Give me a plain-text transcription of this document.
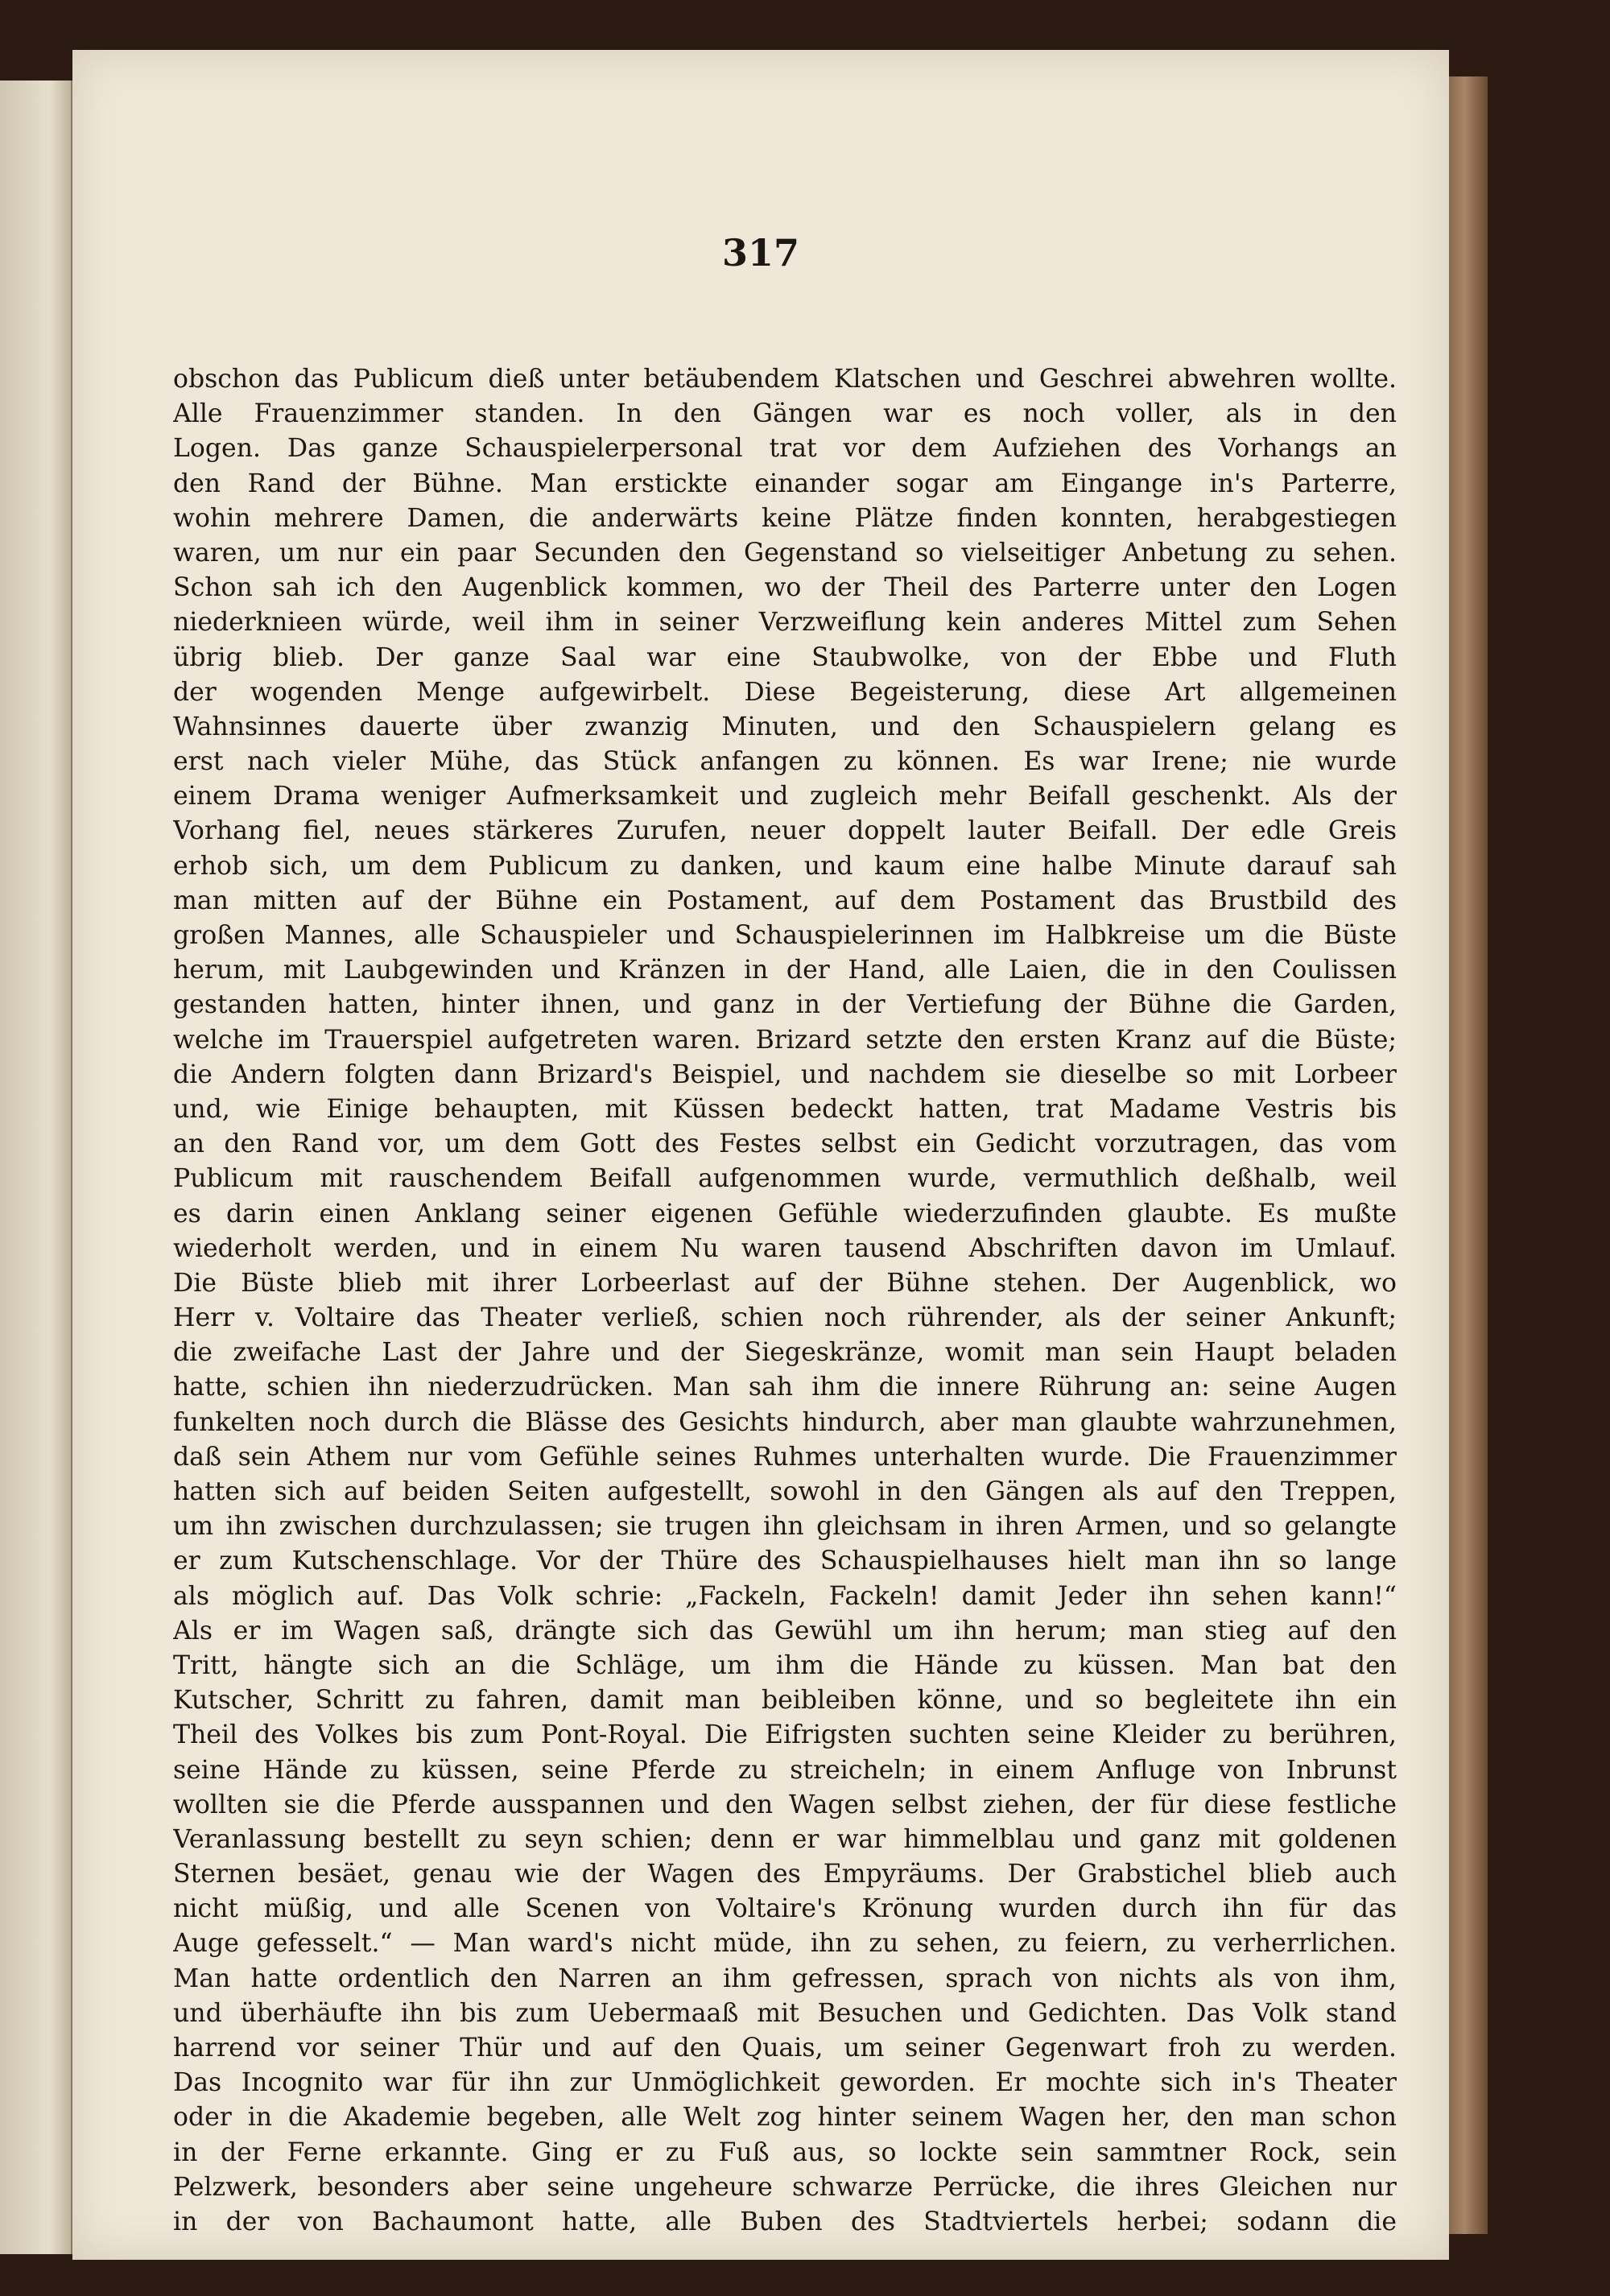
317
obschon das Publicum dieß unter betäubendem Klatschen und Geschrei abwehren wollte.
Alle Frauenzimmer standen. In den Gängen war es noch voller, als in den
Logen. Das ganze Schauspielerpersonal trat vor dem Aufziehen des Vorhangs an
den Rand der Bühne. Man erstickte einander sogar am Eingange in's Parterre,
wohin mehrere Damen, die anderwärts keine Plätze finden konnten, herabgestiegen
waren, um nur ein paar Secunden den Gegenstand so vielseitiger Anbetung zu sehen.
Schon sah ich den Augenblick kommen, wo der Theil des Parterre unter den Logen
niederknieen würde, weil ihm in seiner Verzweiflung kein anderes Mittel zum Sehen
übrig blieb. Der ganze Saal war eine Staubwolke, von der Ebbe und Fluth
der wogenden Menge aufgewirbelt. Diese Begeisterung, diese Art allgemeinen
Wahnsinnes dauerte über zwanzig Minuten, und den Schauspielern gelang es
erst nach vieler Mühe, das Stück anfangen zu können. Es war Irene; nie wurde
einem Drama weniger Aufmerksamkeit und zugleich mehr Beifall geschenkt. Als der
Vorhang fiel, neues stärkeres Zurufen, neuer doppelt lauter Beifall. Der edle Greis
erhob sich, um dem Publicum zu danken, und kaum eine halbe Minute darauf sah
man mitten auf der Bühne ein Postament, auf dem Postament das Brustbild des
großen Mannes, alle Schauspieler und Schauspielerinnen im Halbkreise um die Büste
herum, mit Laubgewinden und Kränzen in der Hand, alle Laien, die in den Coulissen
gestanden hatten, hinter ihnen, und ganz in der Vertiefung der Bühne die Garden,
welche im Trauerspiel aufgetreten waren. Brizard setzte den ersten Kranz auf die Büste;
die Andern folgten dann Brizard's Beispiel, und nachdem sie dieselbe so mit Lorbeer
und, wie Einige behaupten, mit Küssen bedeckt hatten, trat Madame Vestris bis
an den Rand vor, um dem Gott des Festes selbst ein Gedicht vorzutragen, das vom
Publicum mit rauschendem Beifall aufgenommen wurde, vermuthlich deßhalb, weil
es darin einen Anklang seiner eigenen Gefühle wiederzufinden glaubte. Es mußte
wiederholt werden, und in einem Nu waren tausend Abschriften davon im Umlauf.
Die Büste blieb mit ihrer Lorbeerlast auf der Bühne stehen. Der Augenblick, wo
Herr v. Voltaire das Theater verließ, schien noch rührender, als der seiner Ankunft;
die zweifache Last der Jahre und der Siegeskränze, womit man sein Haupt beladen
hatte, schien ihn niederzudrücken. Man sah ihm die innere Rührung an: seine Augen
funkelten noch durch die Blässe des Gesichts hindurch, aber man glaubte wahrzunehmen,
daß sein Athem nur vom Gefühle seines Ruhmes unterhalten wurde. Die Frauenzimmer
hatten sich auf beiden Seiten aufgestellt, sowohl in den Gängen als auf den Treppen,
um ihn zwischen durchzulassen; sie trugen ihn gleichsam in ihren Armen, und so gelangte
er zum Kutschenschlage. Vor der Thüre des Schauspielhauses hielt man ihn so lange
als möglich auf. Das Volk schrie: „Fackeln, Fackeln! damit Jeder ihn sehen kann!“
Als er im Wagen saß, drängte sich das Gewühl um ihn herum; man stieg auf den
Tritt, hängte sich an die Schläge, um ihm die Hände zu küssen. Man bat den
Kutscher, Schritt zu fahren, damit man beibleiben könne, und so begleitete ihn ein
Theil des Volkes bis zum Pont-Royal. Die Eifrigsten suchten seine Kleider zu berühren,
seine Hände zu küssen, seine Pferde zu streicheln; in einem Anfluge von Inbrunst
wollten sie die Pferde ausspannen und den Wagen selbst ziehen, der für diese festliche
Veranlassung bestellt zu seyn schien; denn er war himmelblau und ganz mit goldenen
Sternen besäet, genau wie der Wagen des Empyräums. Der Grabstichel blieb auch
nicht müßig, und alle Scenen von Voltaire's Krönung wurden durch ihn für das
Auge gefesselt.“ — Man ward's nicht müde, ihn zu sehen, zu feiern, zu verherrlichen.
Man hatte ordentlich den Narren an ihm gefressen, sprach von nichts als von ihm,
und überhäufte ihn bis zum Uebermaaß mit Besuchen und Gedichten. Das Volk stand
harrend vor seiner Thür und auf den Quais, um seiner Gegenwart froh zu werden.
Das Incognito war für ihn zur Unmöglichkeit geworden. Er mochte sich in's Theater
oder in die Akademie begeben, alle Welt zog hinter seinem Wagen her, den man schon
in der Ferne erkannte. Ging er zu Fuß aus, so lockte sein sammtner Rock, sein
Pelzwerk, besonders aber seine ungeheure schwarze Perrücke, die ihres Gleichen nur
in der von Bachaumont hatte, alle Buben des Stadtviertels herbei; sodann die
